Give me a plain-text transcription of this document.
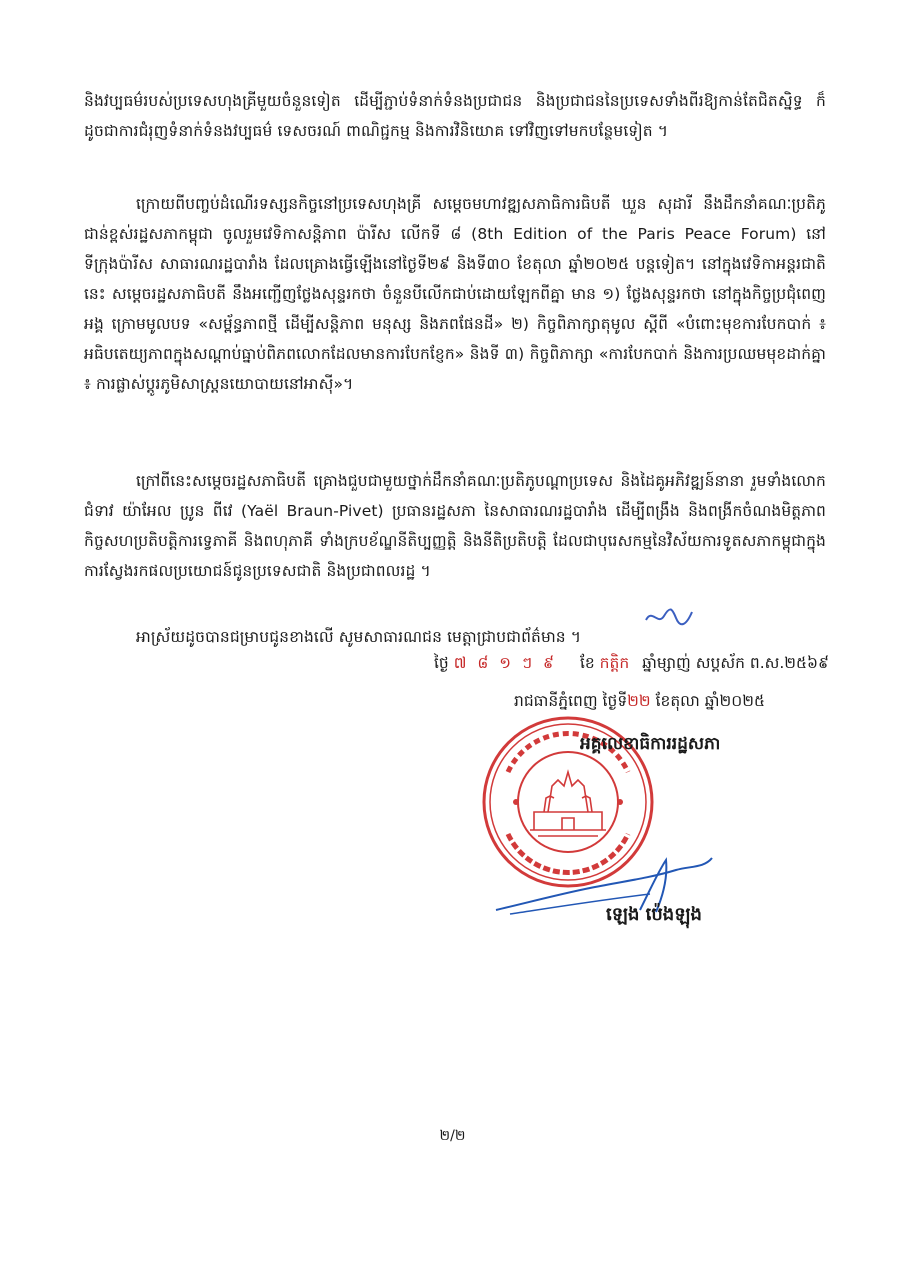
និងវប្បធម៌របស់ប្រទេសហុងគ្រីមួយចំនួនទៀត ដើម្បីភ្ជាប់ទំនាក់ទំនងប្រជាជន និងប្រជាជននៃប្រទេសទាំងពីរឱ្យកាន់តែជិតស្និទ្ធ ក៏ដូចជាការជំរុញទំនាក់ទំនងវប្បធម៌ ទេសចរណ៍ ពាណិជ្ជកម្ម និងការវិនិយោគ ទៅវិញទៅមកបន្ថែមទៀត ។

ក្រោយពីបញ្ចប់ដំណើរទស្សនកិច្ចនៅប្រទេសហុងគ្រី សម្តេចមហាវឌ្ឍសភាធិការធិបតី ឃួន សុដារី នឹងដឹកនាំគណៈប្រតិភូជាន់ខ្ពស់រដ្ឋសភាកម្ពុជា ចូលរួមវេទិកាសន្តិភាព ប៉ារីស លើកទី ៨ (8th Edition of the Paris Peace Forum) នៅទីក្រុងប៉ារីស សាធារណរដ្ឋបារាំង ដែលគ្រោងធ្វើឡើងនៅថ្ងៃទី២៩ និងទី៣០ ខែតុលា ឆ្នាំ២០២៥ បន្តទៀត។ នៅក្នុងវេទិកាអន្តរជាតិនេះ សម្តេចរដ្ឋសភាធិបតី នឹងអញ្ជើញថ្លែងសុន្ទរកថា ចំនួនបីលើកជាប់ដោយឡែកពីគ្នា មាន ១) ថ្លែងសុន្ទរកថា នៅក្នុងកិច្ចប្រជុំពេញអង្គ ក្រោមមូលបទ «សម្ព័ន្ធភាពថ្មី ដើម្បីសន្តិភាព មនុស្ស និងភពផែនដី» ២) កិច្ចពិភាក្សាតុមូល ស្តីពី «បំពោះមុខការបែកបាក់ ៖ អធិបតេយ្យភាពក្នុងសណ្តាប់ធ្នាប់ពិភពលោកដែលមានការបែកខ្ញែក» និងទី ៣) កិច្ចពិភាក្សា «ការបែកបាក់ និងការប្រឈមមុខដាក់គ្នា ៖ ការផ្លាស់ប្តូរភូមិសាស្ត្រនយោបាយនៅអាស៊ី»។

ក្រៅពីនេះសម្តេចរដ្ឋសភាធិបតី គ្រោងជួបជាមួយថ្នាក់ដឹកនាំគណៈប្រតិភូបណ្តាប្រទេស និងដៃគូអភិវឌ្ឍន៍នានា រួមទាំងលោកជំទាវ យ៉ាអែល ប្រូន ពីវេ (Yaël Braun-Pivet) ប្រធានរដ្ឋសភា នៃសាធារណរដ្ឋបារាំង ដើម្បីពង្រឹង និងពង្រីកចំណងមិត្តភាព កិច្ចសហប្រតិបត្តិការទ្វេភាគី និងពហុភាគី ទាំងក្របខ័ណ្ឌនីតិប្បញ្ញត្តិ និងនីតិប្រតិបត្តិ ដែលជាបុរេសកម្មនៃវិស័យការទូតសភាកម្ពុជាក្នុងការស្វែងរកផលប្រយោជន៍ជូនប្រទេសជាតិ និងប្រជាពលរដ្ឋ ។

អាស្រ័យដូចបានជម្រាបជូនខាងលើ សូមសាធារណជន មេត្តាជ្រាបជាព័ត៌មាន ។

ថ្ងៃ ៧ ៨ ១ ៗ ៩ ខែ កត្តិក ឆ្នាំម្សាញ់ សប្តស័ក ព.ស.២៥៦៩
រាជធានីភ្នំពេញ ថ្ងៃទី២២ ខែតុលា ឆ្នាំ២០២៥
អគ្គលេខាធិការរដ្ឋសភា
ឡេង ប៉េងឡុង
២/២
